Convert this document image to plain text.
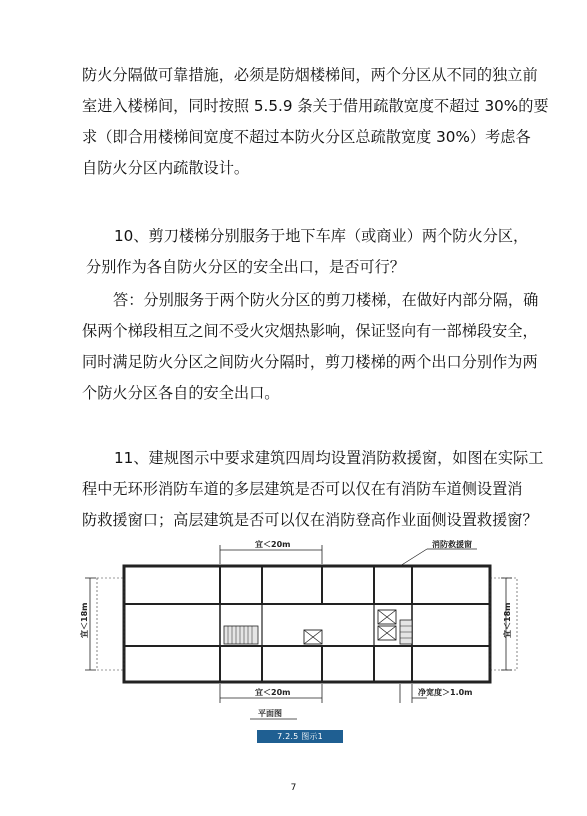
防火分隔做可靠措施，必须是防烟楼梯间，两个分区从不同的独立前
室进入楼梯间，同时按照 5.5.9 条关于借用疏散宽度不超过 30%的要
求（即合用楼梯间宽度不超过本防火分区总疏散宽度 30%）考虑各
自防火分区内疏散设计。
10、剪刀楼梯分别服务于地下车库（或商业）两个防火分区，
分别作为各自防火分区的安全出口，是否可行？
答：分别服务于两个防火分区的剪刀楼梯，在做好内部分隔，确
保两个梯段相互之间不受火灾烟热影响，保证竖向有一部梯段安全，
同时满足防火分区之间防火分隔时，剪刀楼梯的两个出口分别作为两
个防火分区各自的安全出口。
11、建规图示中要求建筑四周均设置消防救援窗，如图在实际工
程中无环形消防车道的多层建筑是否可以仅在有消防车道侧设置消
防救援窗口；高层建筑是否可以仅在消防登高作业面侧设置救援窗？
宜＜20m	消防救援窗
宜＜18m	宜＜18m
宜＜20m	净宽度＞1.0m
平面图
7.2.5 图示1
7
